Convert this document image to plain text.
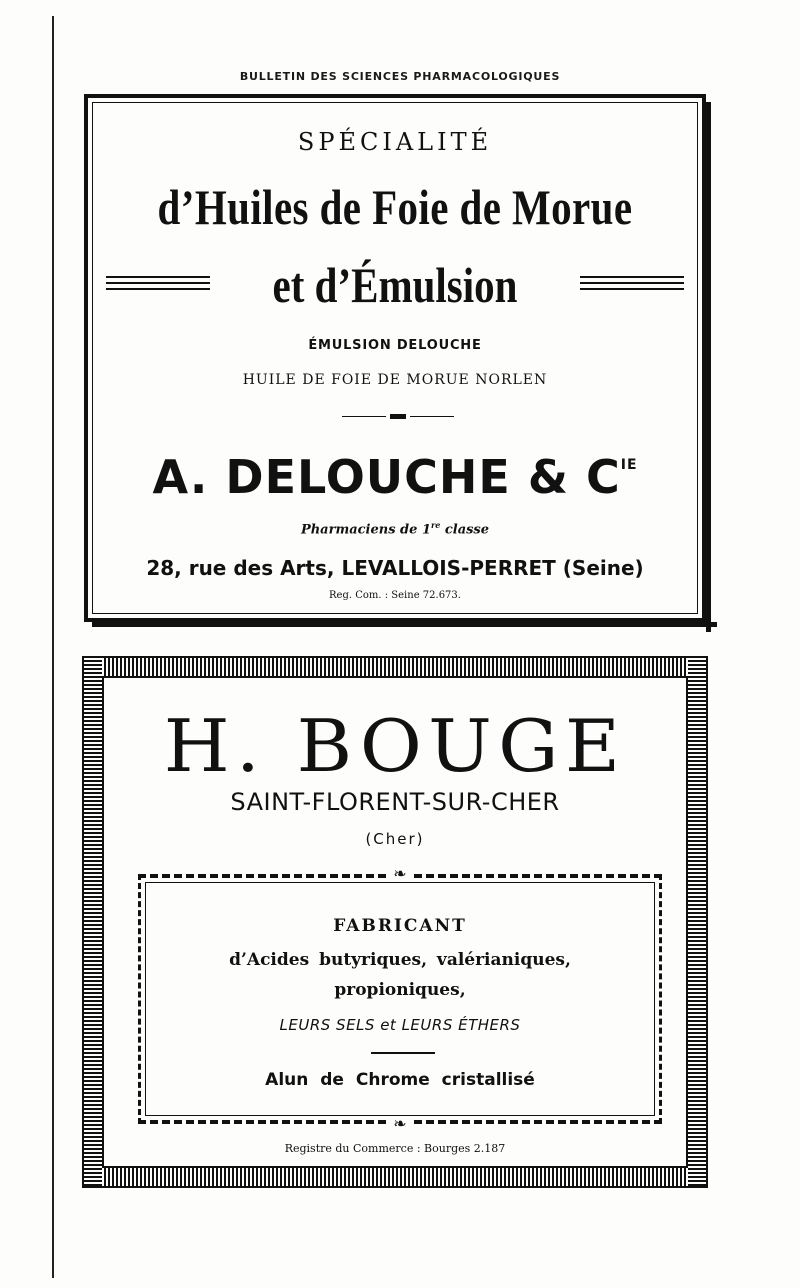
BULLETIN DES SCIENCES PHARMACOLOGIQUES
SPÉCIALITÉ
d’Huiles de Foie de Morue
et d’Émulsion
ÉMULSION DELOUCHE
HUILE DE FOIE DE MORUE NORLEN
A. DELOUCHE & $C^{IE}$
Pharmaciens de 1re classe
28, rue des Arts, LEVALLOIS-PERRET (Seine)
Reg. Com. : Seine 72.673.
H. BOUGE
SAINT-FLORENT-SUR-CHER
(Cher)
❧
FABRICANT
d’Acides butyriques, valérianiques,
propioniques,
LEURS SELS et LEURS ÉTHERS
Alun de Chrome cristallisé
❧
Registre du Commerce : Bourges 2.187
